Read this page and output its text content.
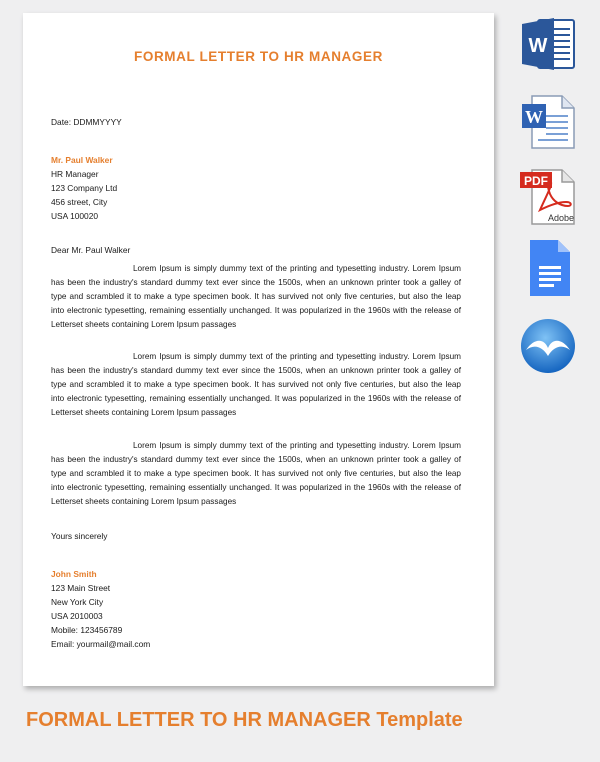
FORMAL LETTER TO HR MANAGER
Date: DDMMYYYY
Mr. Paul Walker
HR Manager
123 Company Ltd
456 street, City
USA 100020
Dear Mr. Paul Walker
Lorem Ipsum is simply dummy text of the printing and typesetting industry. Lorem Ipsum has been the industry's standard dummy text ever since the 1500s, when an unknown printer took a galley of type and scrambled it to make a type specimen book. It has survived not only five centuries, but also the leap into electronic typesetting, remaining essentially unchanged. It was popularized in the 1960s with the release of Letterset sheets containing Lorem Ipsum passages
Lorem Ipsum is simply dummy text of the printing and typesetting industry. Lorem Ipsum has been the industry's standard dummy text ever since the 1500s, when an unknown printer took a galley of type and scrambled it to make a type specimen book. It has survived not only five centuries, but also the leap into electronic typesetting, remaining essentially unchanged. It was popularized in the 1960s with the release of Letterset sheets containing Lorem Ipsum passages
Lorem Ipsum is simply dummy text of the printing and typesetting industry. Lorem Ipsum has been the industry's standard dummy text ever since the 1500s, when an unknown printer took a galley of type and scrambled it to make a type specimen book. It has survived not only five centuries, but also the leap into electronic typesetting, remaining essentially unchanged. It was popularized in the 1960s with the release of Letterset sheets containing Lorem Ipsum passages
Yours sincerely
John Smith
123 Main Street
New York City
USA 2010003
Mobile: 123456789
Email: yourmail@mail.com
W
W
PDF
Adobe
FORMAL LETTER TO HR MANAGER Template
